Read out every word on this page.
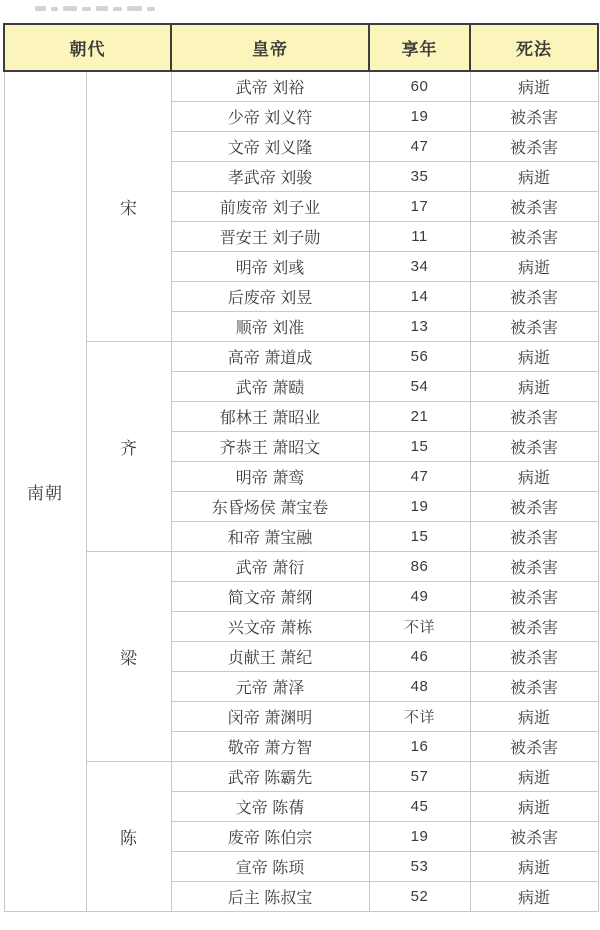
朝代		皇帝	享年	死法
南朝	宋	武帝 刘裕	60	病逝
		少帝 刘义符	19	被杀害
		文帝 刘义隆	47	被杀害
		孝武帝 刘骏	35	病逝
		前废帝 刘子业	17	被杀害
		晋安王 刘子勋	11	被杀害
		明帝 刘彧	34	病逝
		后废帝 刘昱	14	被杀害
		顺帝 刘准	13	被杀害
	齐	高帝 萧道成	56	病逝
		武帝 萧赜	54	病逝
		郁林王 萧昭业	21	被杀害
		齐恭王 萧昭文	15	被杀害
		明帝 萧鸾	47	病逝
		东昏炀侯 萧宝卷	19	被杀害
		和帝 萧宝融	15	被杀害
	梁	武帝 萧衍	86	被杀害
		简文帝 萧纲	49	被杀害
		兴文帝 萧栋	不详	被杀害
		贞献王 萧纪	46	被杀害
		元帝 萧泽	48	被杀害
		闵帝 萧渊明	不详	病逝
		敬帝 萧方智	16	被杀害
	陈	武帝 陈霸先	57	病逝
		文帝 陈蒨	45	病逝
		废帝 陈伯宗	19	被杀害
		宣帝 陈顼	53	病逝
		后主 陈叔宝	52	病逝
